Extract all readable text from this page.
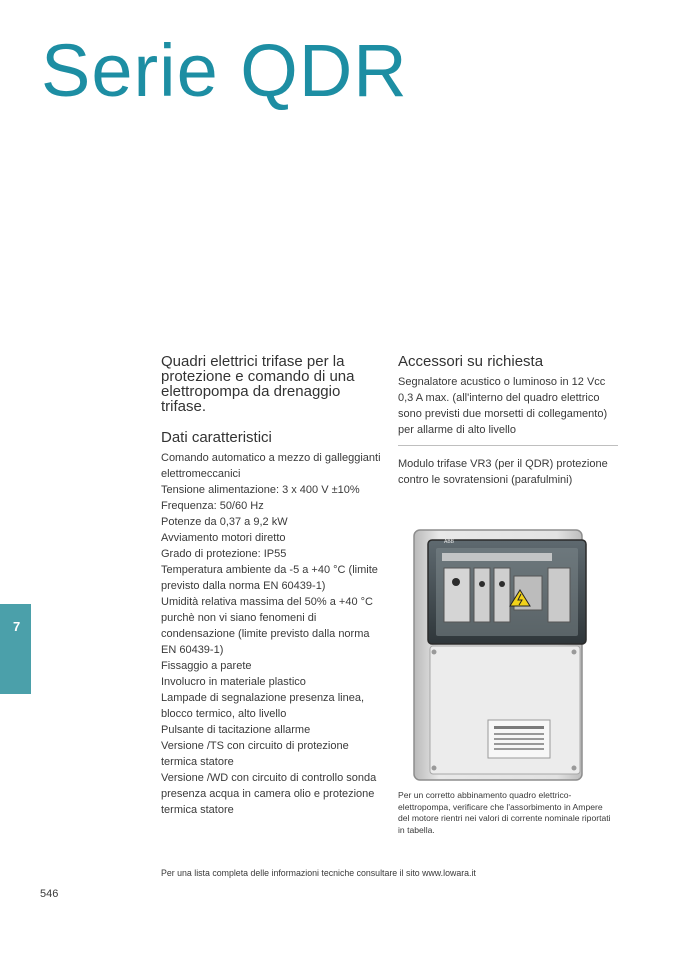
Serie QDR

Quadri elettrici trifase per la protezione e comando di una elettropompa da drenaggio trifase.

Dati caratteristici

Comando automatico a mezzo di galleggianti elettromeccanici
Tensione alimentazione: 3 x 400 V ±10%
Frequenza: 50/60 Hz
Potenze da 0,37 a 9,2 kW
Avviamento motori diretto
Grado di protezione: IP55
Temperatura ambiente da -5 a +40 °C (limite previsto dalla norma EN 60439-1)
Umidità relativa massima del 50% a +40 °C purchè non vi siano fenomeni di condensazione (limite previsto dalla norma EN 60439-1)
Fissaggio a parete
Involucro in materiale plastico
Lampade di segnalazione presenza linea, blocco termico, alto livello
Pulsante di tacitazione allarme
Versione /TS con circuito di protezione termica statore
Versione /WD con circuito di controllo sonda presenza acqua in camera olio e protezione termica statore

Accessori su richiesta

Segnalatore acustico o luminoso in 12 Vcc 0,3 A max. (all'interno del quadro elettrico sono previsti due morsetti di collegamento) per allarme di alto livello
Modulo trifase VR3 (per il QDR) protezione contro le sovratensioni (parafulmini)
ABB
Per un corretto abbinamento quadro elettrico-elettropompa, verificare che l'assorbimento in Ampere del motore rientri nei valori di corrente nominale riportati in tabella.
Per una lista completa delle informazioni tecniche consultare il sito www.lowara.it
546
7
